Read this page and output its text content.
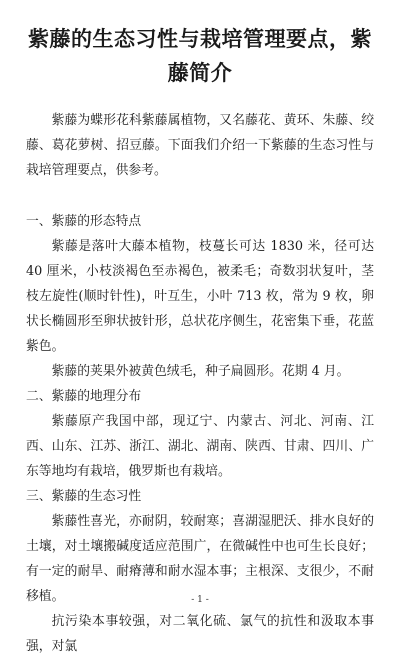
紫藤的生态习性与栽培管理要点，紫藤简介

紫藤为蝶形花科紫藤属植物，又名藤花、黄环、朱藤、绞藤、葛花萝树、招豆藤。下面我们介绍一下紫藤的生态习性与栽培管理要点，供参考。

一、紫藤的形态特点

紫藤是落叶大藤本植物，枝蔓长可达 1830 米，径可达 40 厘米，小枝淡褐色至赤褐色，被柔毛；奇数羽状复叶，茎枝左旋性(顺时针性)，叶互生，小叶 713 枚，常为 9 枚，卵状长椭圆形至卵状披针形，总状花序侧生，花密集下垂，花蓝紫色。

紫藤的荚果外被黄色绒毛，种子扁圆形。花期 4 月。

二、紫藤的地理分布

紫藤原产我国中部，现辽宁、内蒙古、河北、河南、江西、山东、江苏、浙江、湖北、湖南、陕西、甘肃、四川、广东等地均有栽培，俄罗斯也有栽培。

三、紫藤的生态习性

紫藤性喜光，亦耐阴，较耐寒；喜湖湿肥沃、排水良好的土壤，对土壤搬碱度适应范围广，在微碱性中也可生长良好；有一定的耐旱、耐瘠薄和耐水湿本事；主根深、支很少，不耐移植。

抗污染本事较强，对二氧化硫、氯气的抗性和汲取本事强，对氯

- 1 -
